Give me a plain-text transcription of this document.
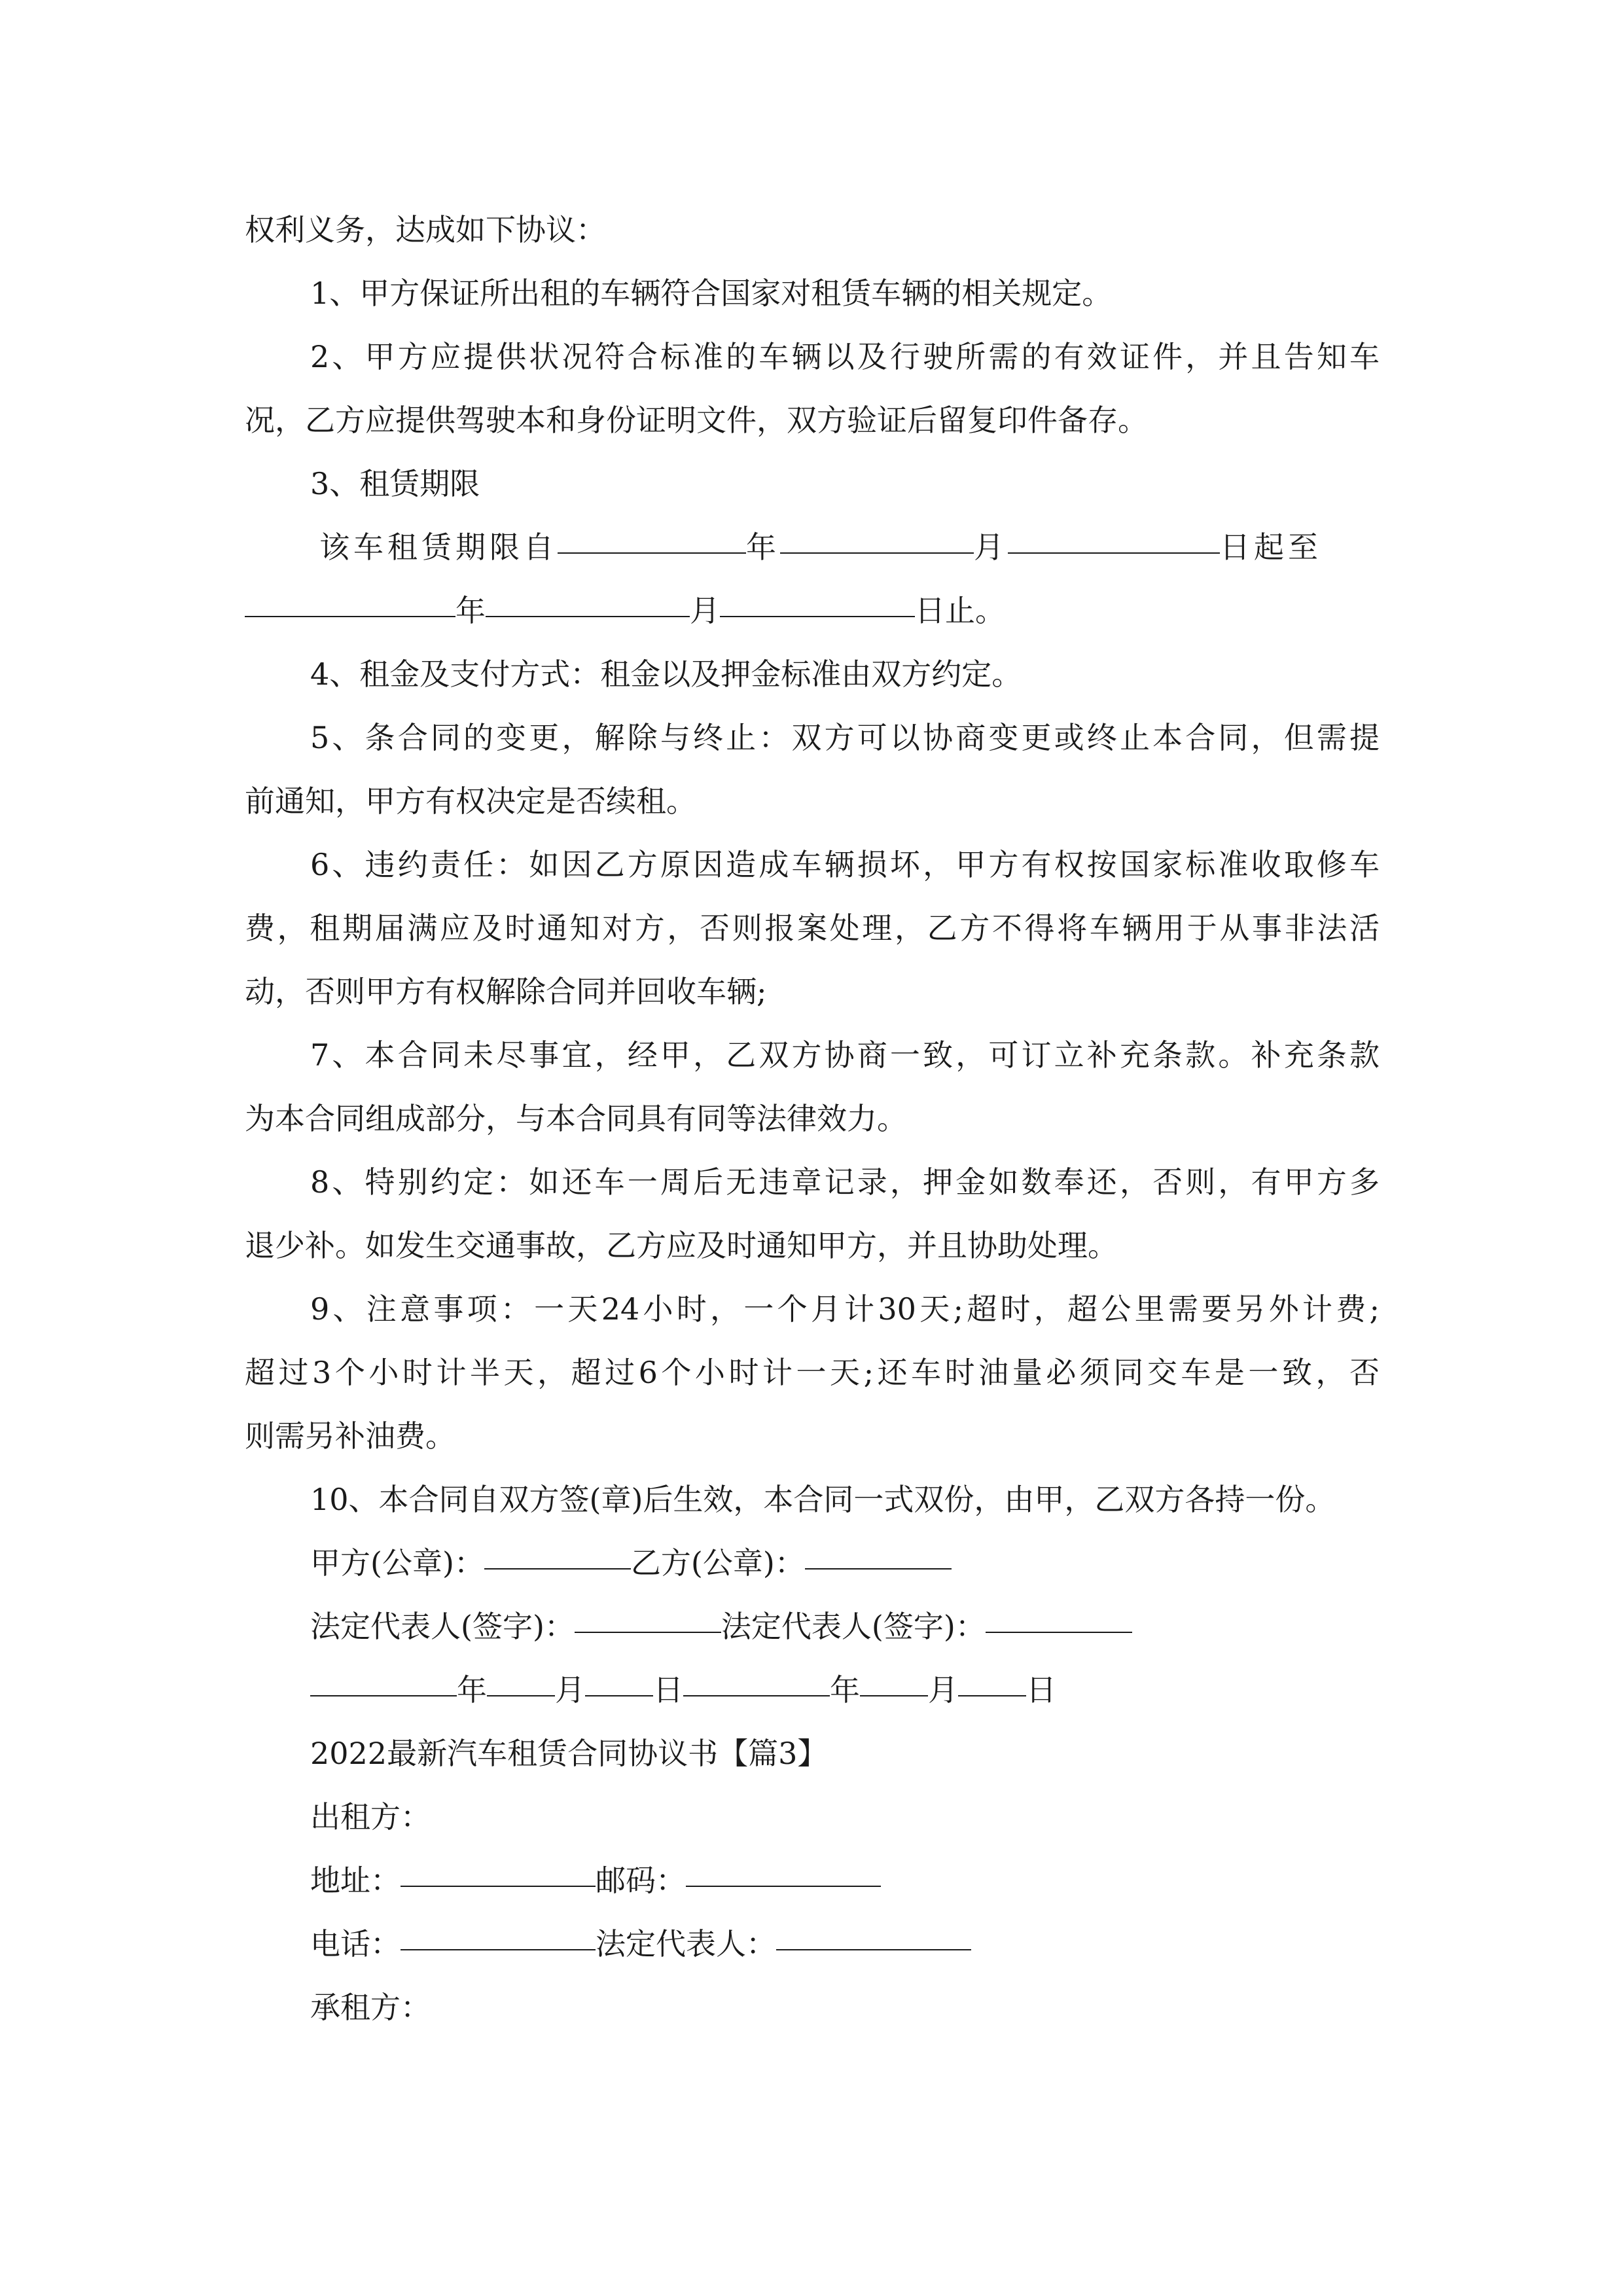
权利义务，达成如下协议：
1、甲方保证所出租的车辆符合国家对租赁车辆的相关规定。
2、甲方应提供状况符合标准的车辆以及行驶所需的有效证件，并且告知车
况，乙方应提供驾驶本和身份证明文件，双方验证后留复印件备存。
3、租赁期限
该车租赁期限自	年	月	日起至
年	月	日止。
4、租金及支付方式：租金以及押金标准由双方约定。
5、条合同的变更，解除与终止：双方可以协商变更或终止本合同，但需提
前通知，甲方有权决定是否续租。
6、违约责任：如因乙方原因造成车辆损坏，甲方有权按国家标准收取修车
费，租期届满应及时通知对方，否则报案处理，乙方不得将车辆用于从事非法活
动，否则甲方有权解除合同并回收车辆;
7、本合同未尽事宜，经甲，乙双方协商一致，可订立补充条款。补充条款
为本合同组成部分，与本合同具有同等法律效力。
8、特别约定：如还车一周后无违章记录，押金如数奉还，否则，有甲方多
退少补。如发生交通事故，乙方应及时通知甲方，并且协助处理。
9、注意事项：一天24小时，一个月计30天;超时，超公里需要另外计费;
超过3个小时计半天，超过6个小时计一天;还车时油量必须同交车是一致，否
则需另补油费。
10、本合同自双方签(章)后生效，本合同一式双份，由甲，乙双方各持一份。
甲方(公章)：	乙方(公章)：
法定代表人(签字)：	法定代表人(签字)：
年 月 日	年 月 日
2022最新汽车租赁合同协议书【篇3】
出租方：
地址：	邮码：
电话：	法定代表人：
承租方：
